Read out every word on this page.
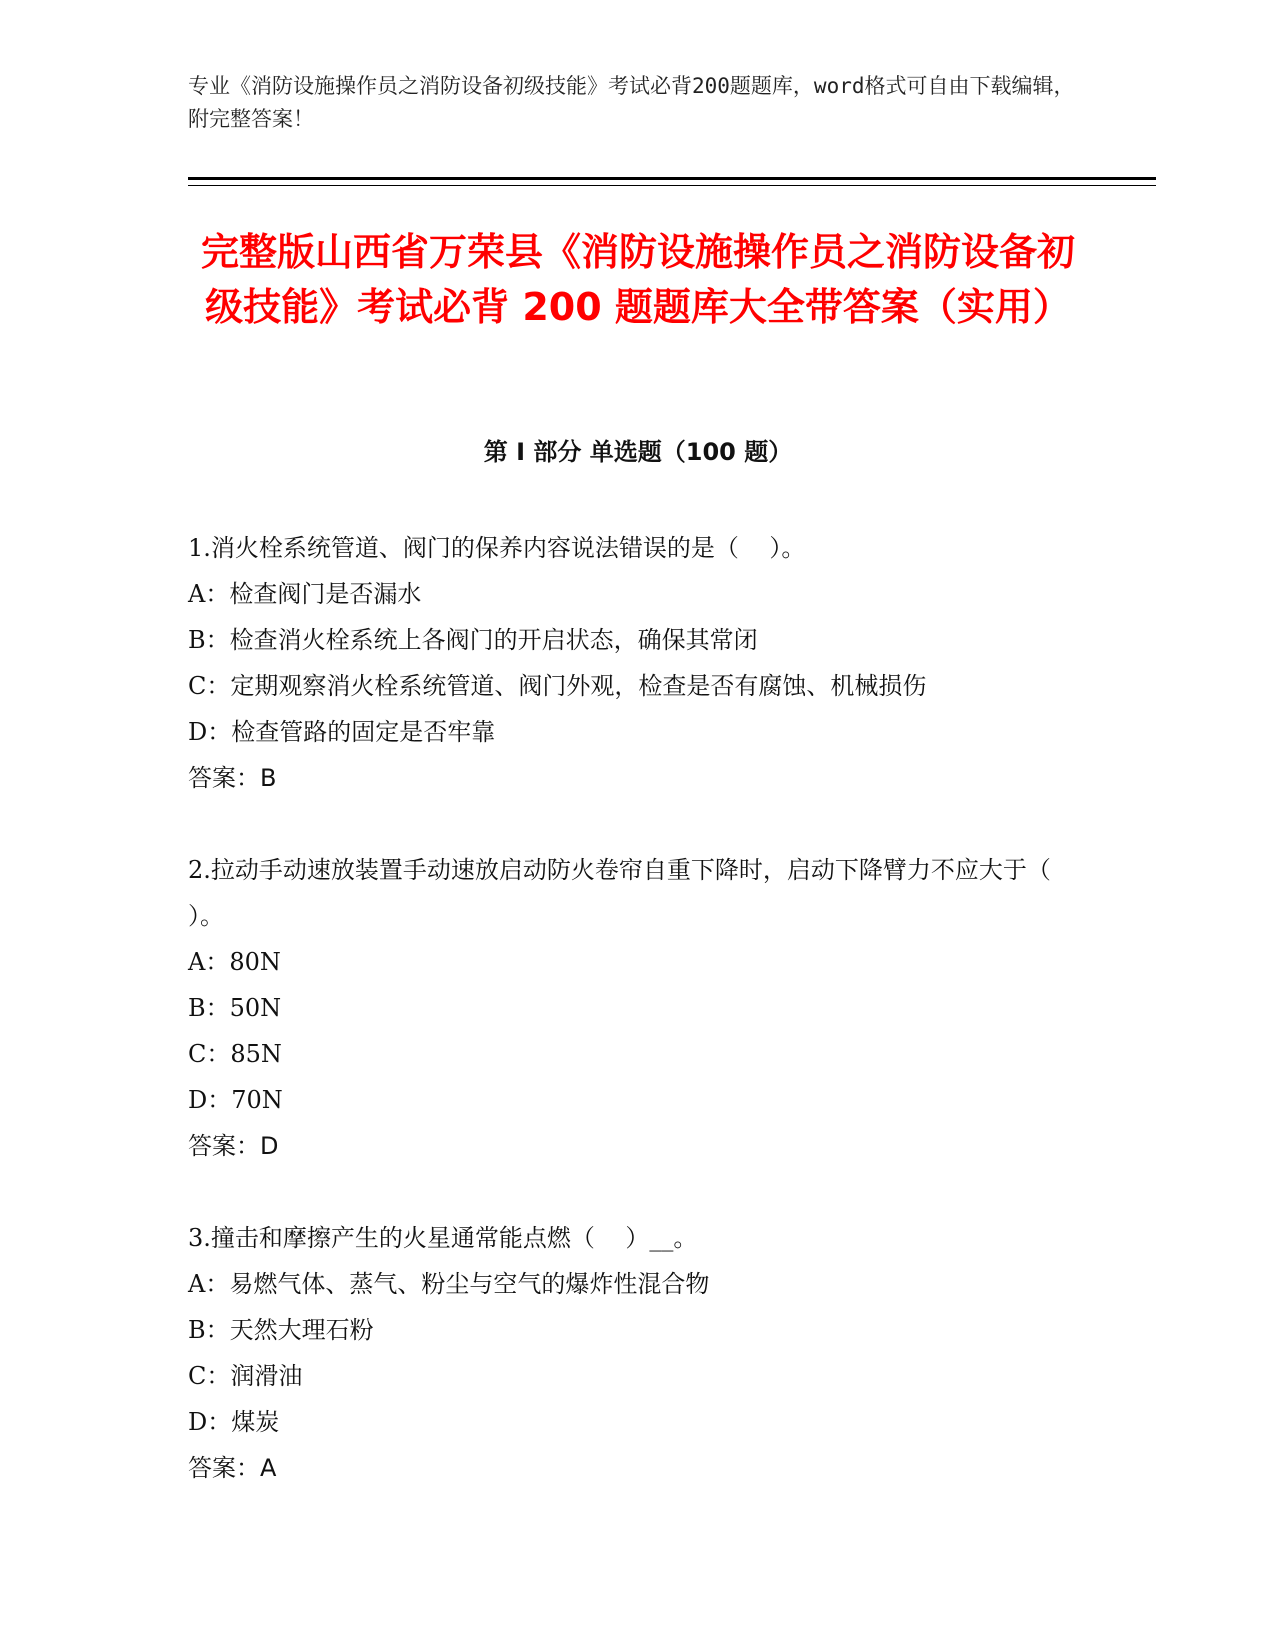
专业《消防设施操作员之消防设备初级技能》考试必背200题题库，word格式可自由下载编辑，附完整答案！
完整版山西省万荣县《消防设施操作员之消防设备初级技能》考试必背 200 题题库大全带答案（实用）
第 I 部分 单选题（100 题）

1.消火栓系统管道、阀门的保养内容说法错误的是（    ）。

A：检查阀门是否漏水

B：检查消火栓系统上各阀门的开启状态，确保其常闭

C：定期观察消火栓系统管道、阀门外观，检查是否有腐蚀、机械损伤

D：检查管路的固定是否牢靠

答案：B

2.拉动手动速放装置手动速放启动防火卷帘自重下降时，启动下降臂力不应大于（    ）。

A：80N

B：50N

C：85N

D：70N

答案：D

3.撞击和摩擦产生的火星通常能点燃（    ）__。

A：易燃气体、蒸气、粉尘与空气的爆炸性混合物

B：天然大理石粉

C：润滑油

D：煤炭

答案：A
